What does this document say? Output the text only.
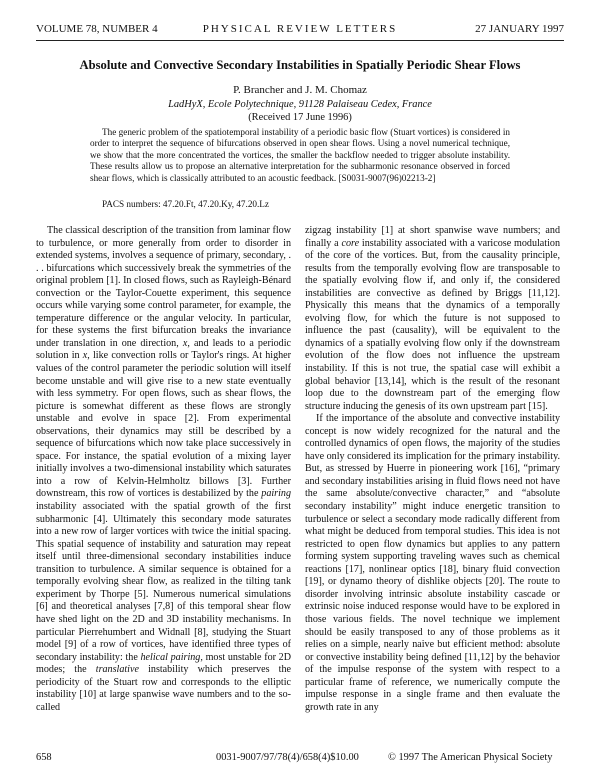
VOLUME 78, NUMBER 4	PHYSICAL REVIEW LETTERS	27 JANUARY 1997
Absolute and Convective Secondary Instabilities in Spatially Periodic Shear Flows
P. Brancher and J. M. Chomaz
LadHyX, Ecole Polytechnique, 91128 Palaiseau Cedex, France
(Received 17 June 1996)

The generic problem of the spatiotemporal instability of a periodic basic flow (Stuart vortices) is considered in order to interpret the sequence of bifurcations observed in open shear flows. Using a novel numerical technique, we show that the more concentrated the vortices, the smaller the backflow needed to trigger absolute instability. These results allow us to propose an alternative interpretation for the subharmonic resonance observed in forced shear flows, which is classically attributed to an acoustic feedback. [S0031-9007(96)02213-2]

PACS numbers: 47.20.Ft, 47.20.Ky, 47.20.Lz

The classical description of the transition from laminar flow to turbulence, or more generally from order to disorder in extended systems, involves a sequence of primary, secondary, . . . bifurcations which successively break the symmetries of the original problem [1]. In closed flows, such as Rayleigh-Bénard convection or the Taylor-Couette experiment, this sequence occurs while varying some control parameter, for example, the temperature difference or the angular velocity. In particular, for these systems the first bifurcation breaks the invariance under translation in one direction, x, and leads to a periodic solution in x, like convection rolls or Taylor's rings. At higher values of the control parameter the periodic solution will itself become unstable and will give rise to a new state eventually with less symmetry. For open flows, such as shear flows, the picture is somewhat different as these flows are strongly unstable and evolve in space [2]. From experimental observations, their dynamics may still be described by a sequence of bifurcations which now take place successively in space. For instance, the spatial evolution of a mixing layer initially involves a two-dimensional instability which saturates into a row of Kelvin-Helmholtz billows [3]. Further downstream, this row of vortices is destabilized by the pairing instability associated with the spatial growth of the first subharmonic [4]. Ultimately this secondary mode saturates into a new row of larger vortices with twice the initial spacing. This spatial sequence of instability and saturation may repeat itself until three-dimensional secondary instabilities induce transition to turbulence. A similar sequence is obtained for a temporally evolving shear flow, as realized in the tilting tank experiment by Thorpe [5]. Numerous numerical simulations [6] and theoretical analyses [7,8] of this temporal shear flow have shed light on the 2D and 3D instability mechanisms. In particular Pierrehumbert and Widnall [8], studying the Stuart model [9] of a row of vortices, have identified three types of secondary instability: the helical pairing, most unstable for 2D modes; the translative instability which preserves the periodicity of the Stuart row and corresponds to the elliptic instability [10] at large spanwise wave numbers and to the so-called

zigzag instability [1] at short spanwise wave numbers; and finally a core instability associated with a varicose modulation of the core of the vortices. But, from the causality principle, results from the temporally evolving flow are transposable to the spatially evolving flow if, and only if, the considered instabilities are convective as defined by Briggs [11,12]. Physically this means that the dynamics of a temporally evolving flow, for which the future is not supposed to influence the past (causality), will be equivalent to the dynamics of a spatially evolving flow only if the downstream evolution of the flow does not influence the upstream instability. If this is not true, the spatial case will exhibit a global behavior [13,14], which is the result of the resonant loop due to the downstream part of the emerging flow structure inducing the genesis of its own upstream part [15].

If the importance of the absolute and convective instability concept is now widely recognized for the natural and the controlled dynamics of open flows, the majority of the studies have only considered its implication for the primary instability. But, as stressed by Huerre in pioneering work [16], “primary and secondary instabilities arising in fluid flows need not have the same absolute/convective character,” and “absolute secondary instability” might induce energetic transition to turbulence or select a secondary mode radically different from what might be deduced from temporal studies. This idea is not restricted to open flow dynamics but applies to any pattern forming system supporting traveling waves such as chemical reactions [17], nonlinear optics [18], binary fluid convection [19], or dynamo theory of dishlike objects [20]. The route to disorder involving intrinsic absolute instability cascade or extrinsic noise induced response would have to be explored in those various fields. The novel technique we implement should be easily transposed to any of those problems as it relies on a simple, nearly naive but efficient method: absolute or convective instability being defined [11,12] by the behavior of the impulse response of the system with respect to a particular frame of reference, we numerically compute the impulse response in a single frame and then evaluate the growth rate in any

658	0031-9007/97/78(4)/658(4)$10.00	© 1997 The American Physical Society
